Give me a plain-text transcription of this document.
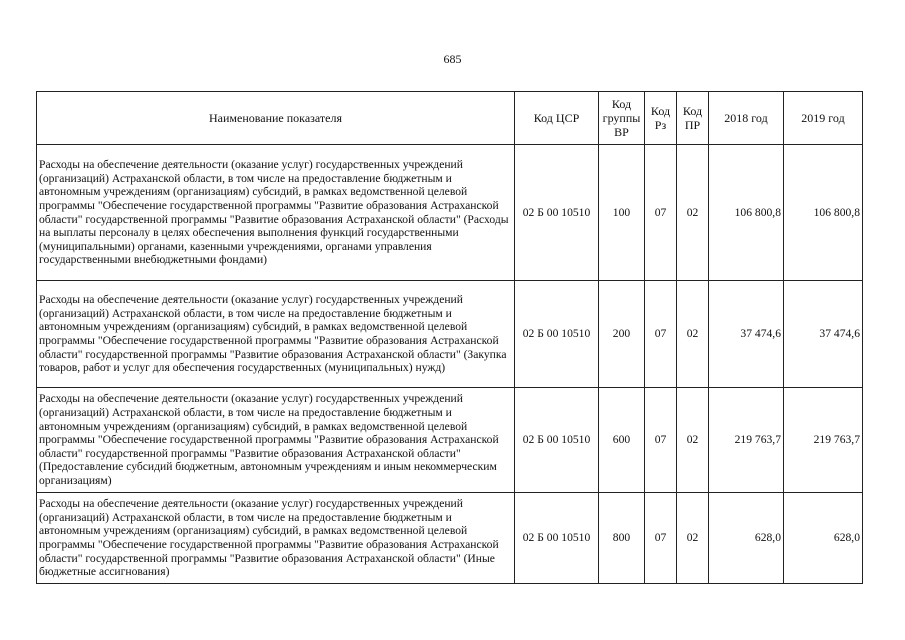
685
Наименование показателя	Код ЦСР	Код группы ВР	Код Рз	Код ПР	2018 год	2019 год
Расходы на обеспечение деятельности (оказание услуг) государственных учреждений (организаций) Астраханской области, в том числе на предоставление бюджетным и автономным учреждениям (организациям) субсидий, в рамках ведомственной целевой программы "Обеспечение государственной программы "Развитие образования Астраханской области" государственной программы "Развитие образования Астраханской области" (Расходы на выплаты персоналу в целях обеспечения выполнения функций государственными (муниципальными) органами, казенными учреждениями, органами управления государственными внебюджетными фондами)	02 Б 00 10510	100	07	02	106 800,8	106 800,8
Расходы на обеспечение деятельности (оказание услуг) государственных учреждений (организаций) Астраханской области, в том числе на предоставление бюджетным и автономным учреждениям (организациям) субсидий, в рамках ведомственной целевой программы "Обеспечение государственной программы "Развитие образования Астраханской области" государственной программы "Развитие образования Астраханской области" (Закупка товаров, работ и услуг для обеспечения государственных (муниципальных) нужд)	02 Б 00 10510	200	07	02	37 474,6	37 474,6
Расходы на обеспечение деятельности (оказание услуг) государственных учреждений (организаций) Астраханской области, в том числе на предоставление бюджетным и автономным учреждениям (организациям) субсидий, в рамках ведомственной целевой программы "Обеспечение государственной программы "Развитие образования Астраханской области" государственной программы "Развитие образования Астраханской области" (Предоставление субсидий бюджетным, автономным учреждениям и иным некоммерческим организациям)	02 Б 00 10510	600	07	02	219 763,7	219 763,7
Расходы на обеспечение деятельности (оказание услуг) государственных учреждений (организаций) Астраханской области, в том числе на предоставление бюджетным и автономным учреждениям (организациям) субсидий, в рамках ведомственной целевой программы "Обеспечение государственной программы "Развитие образования Астраханской области" государственной программы "Развитие образования Астраханской области" (Иные бюджетные ассигнования)	02 Б 00 10510	800	07	02	628,0	628,0
